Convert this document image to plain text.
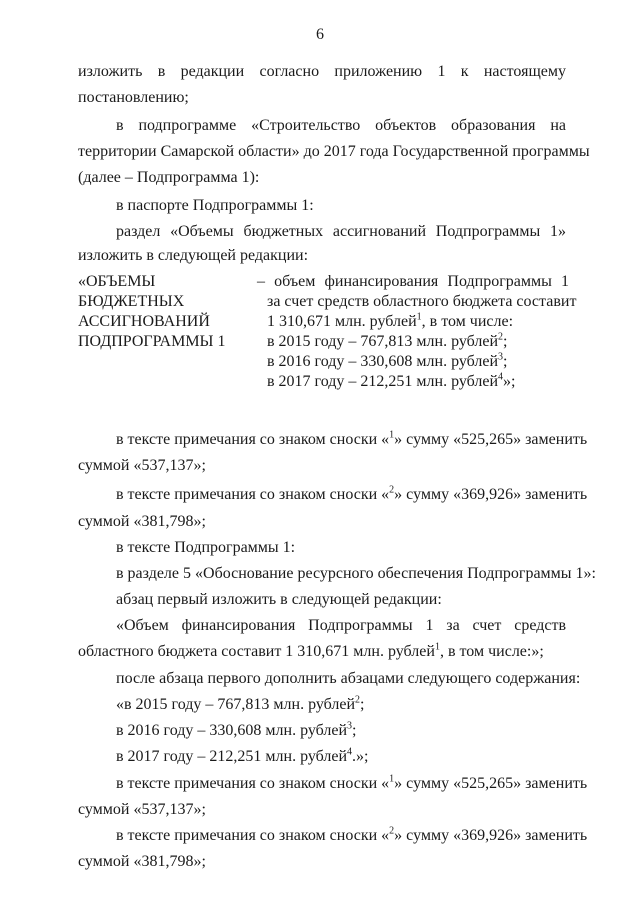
6
изложить в редакции согласно приложению 1 к настоящему
постановлению;
в подпрограмме «Строительство объектов образования на
территории Самарской области» до 2017 года Государственной программы
(далее – Подпрограмма 1):
в паспорте Подпрограммы 1:
раздел «Объемы бюджетных ассигнований Подпрограммы 1»
изложить в следующей редакции:
«ОБЪЕМЫ
БЮДЖЕТНЫХ
АССИГНОВАНИЙ
ПОДПРОГРАММЫ 1
– объем финансирования Подпрограммы 1
за счет средств областного бюджета составит
1 310,671 млн. рублей$^1$, в том числе:
в 2015 году – 767,813 млн. рублей$^2$;
в 2016 году – 330,608 млн. рублей$^3$;
в 2017 году – 212,251 млн. рублей$^4$»;
в тексте примечания со знаком сноски «$^1$» сумму «525,265» заменить
суммой «537,137»;
в тексте примечания со знаком сноски «$^2$» сумму «369,926» заменить
суммой «381,798»;
в тексте Подпрограммы 1:
в разделе 5 «Обоснование ресурсного обеспечения Подпрограммы 1»:
абзац первый изложить в следующей редакции:
«Объем финансирования Подпрограммы 1 за счет средств
областного бюджета составит 1 310,671 млн. рублей$^1$, в том числе:»;
после абзаца первого дополнить абзацами следующего содержания:
«в 2015 году – 767,813 млн. рублей$^2$;
в 2016 году – 330,608 млн. рублей$^3$;
в 2017 году – 212,251 млн. рублей$^4$.»;
в тексте примечания со знаком сноски «$^1$» сумму «525,265» заменить
суммой «537,137»;
в тексте примечания со знаком сноски «$^2$» сумму «369,926» заменить
суммой «381,798»;
